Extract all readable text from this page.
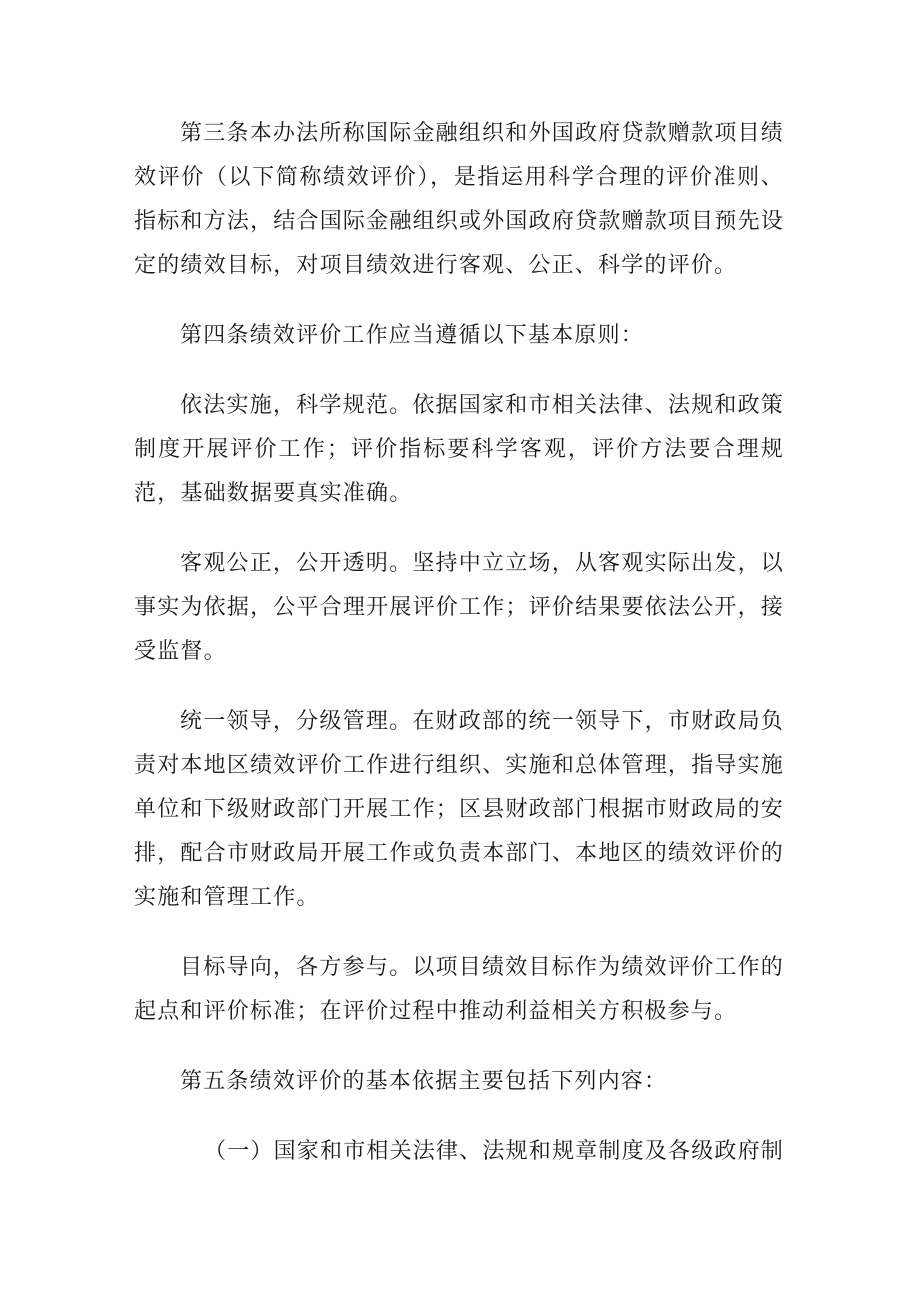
第三条本办法所称国际金融组织和外国政府贷款赠款项目绩效评价（以下简称绩效评价），是指运用科学合理的评价准则、指标和方法，结合国际金融组织或外国政府贷款赠款项目预先设定的绩效目标，对项目绩效进行客观、公正、科学的评价。

第四条绩效评价工作应当遵循以下基本原则：

依法实施，科学规范。依据国家和市相关法律、法规和政策制度开展评价工作；评价指标要科学客观，评价方法要合理规范，基础数据要真实准确。

客观公正，公开透明。坚持中立立场，从客观实际出发，以事实为依据，公平合理开展评价工作；评价结果要依法公开，接受监督。

统一领导，分级管理。在财政部的统一领导下，市财政局负责对本地区绩效评价工作进行组织、实施和总体管理，指导实施单位和下级财政部门开展工作；区县财政部门根据市财政局的安排，配合市财政局开展工作或负责本部门、本地区的绩效评价的实施和管理工作。

目标导向，各方参与。以项目绩效目标作为绩效评价工作的起点和评价标准；在评价过程中推动利益相关方积极参与。

第五条绩效评价的基本依据主要包括下列内容：

（一）国家和市相关法律、法规和规章制度及各级政府制
